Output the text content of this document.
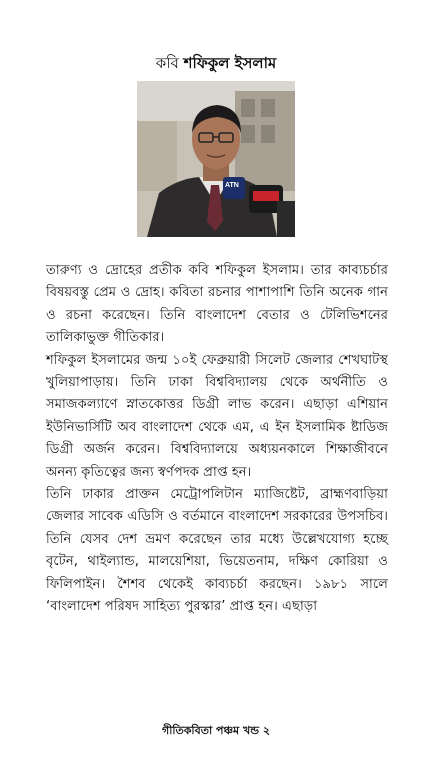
কবি শফিকুল ইসলাম
ATN

তারুণ্য ও দ্রোহের প্রতীক কবি শফিকুল ইসলাম। তার কাব্যচর্চার বিষয়বস্তু প্রেম ও দ্রোহ। কবিতা রচনার পাশাপাশি তিনি অনেক গান ও রচনা করেছেন। তিনি বাংলাদেশ বেতার ও টেলিভিশনের তালিকাভুক্ত গীতিকার।

শফিকুল ইসলামের জন্ম ১০ই ফেব্রুয়ারী সিলেট জেলার শেখঘাটস্থ খুলিয়াপাড়ায়। তিনি ঢাকা বিশ্ববিদ্যালয় থেকে অর্থনীতি ও সমাজকল্যাণে স্নাতকোত্তর ডিগ্রী লাভ করেন। এছাড়া এশিয়ান ইউনিভার্সিটি অব বাংলাদেশ থেকে এম, এ ইন ইসলামিক ষ্টাডিজ ডিগ্রী অর্জন করেন। বিশ্ববিদ্যালয়ে অধ্যয়নকালে শিক্ষাজীবনে অনন্য কৃতিত্বের জন্য স্বর্ণপদক প্রাপ্ত হন।

তিনি ঢাকার প্রাক্তন মেট্রোপলিটান ম্যাজিষ্টেট, ব্রাহ্মণবাড়িয়া জেলার সাবেক এডিসি ও বর্তমানে বাংলাদেশ সরকারের উপসচিব। তিনি যেসব দেশ ভ্রমণ করেছেন তার মধ্যে উল্লেখযোগ্য হচ্ছে বৃটেন, থাইল্যান্ড, মালয়েশিয়া, ভিয়েতনাম, দক্ষিণ কোরিয়া ও ফিলিপাইন। শৈশব থেকেই কাব্যচর্চা করছেন। ১৯৮১ সালে ‘বাংলাদেশ পরিষদ সাহিত্য পুরস্কার’ প্রাপ্ত হন। এছাড়া

গীতিকবিতা পঞ্চম খন্ড ২
